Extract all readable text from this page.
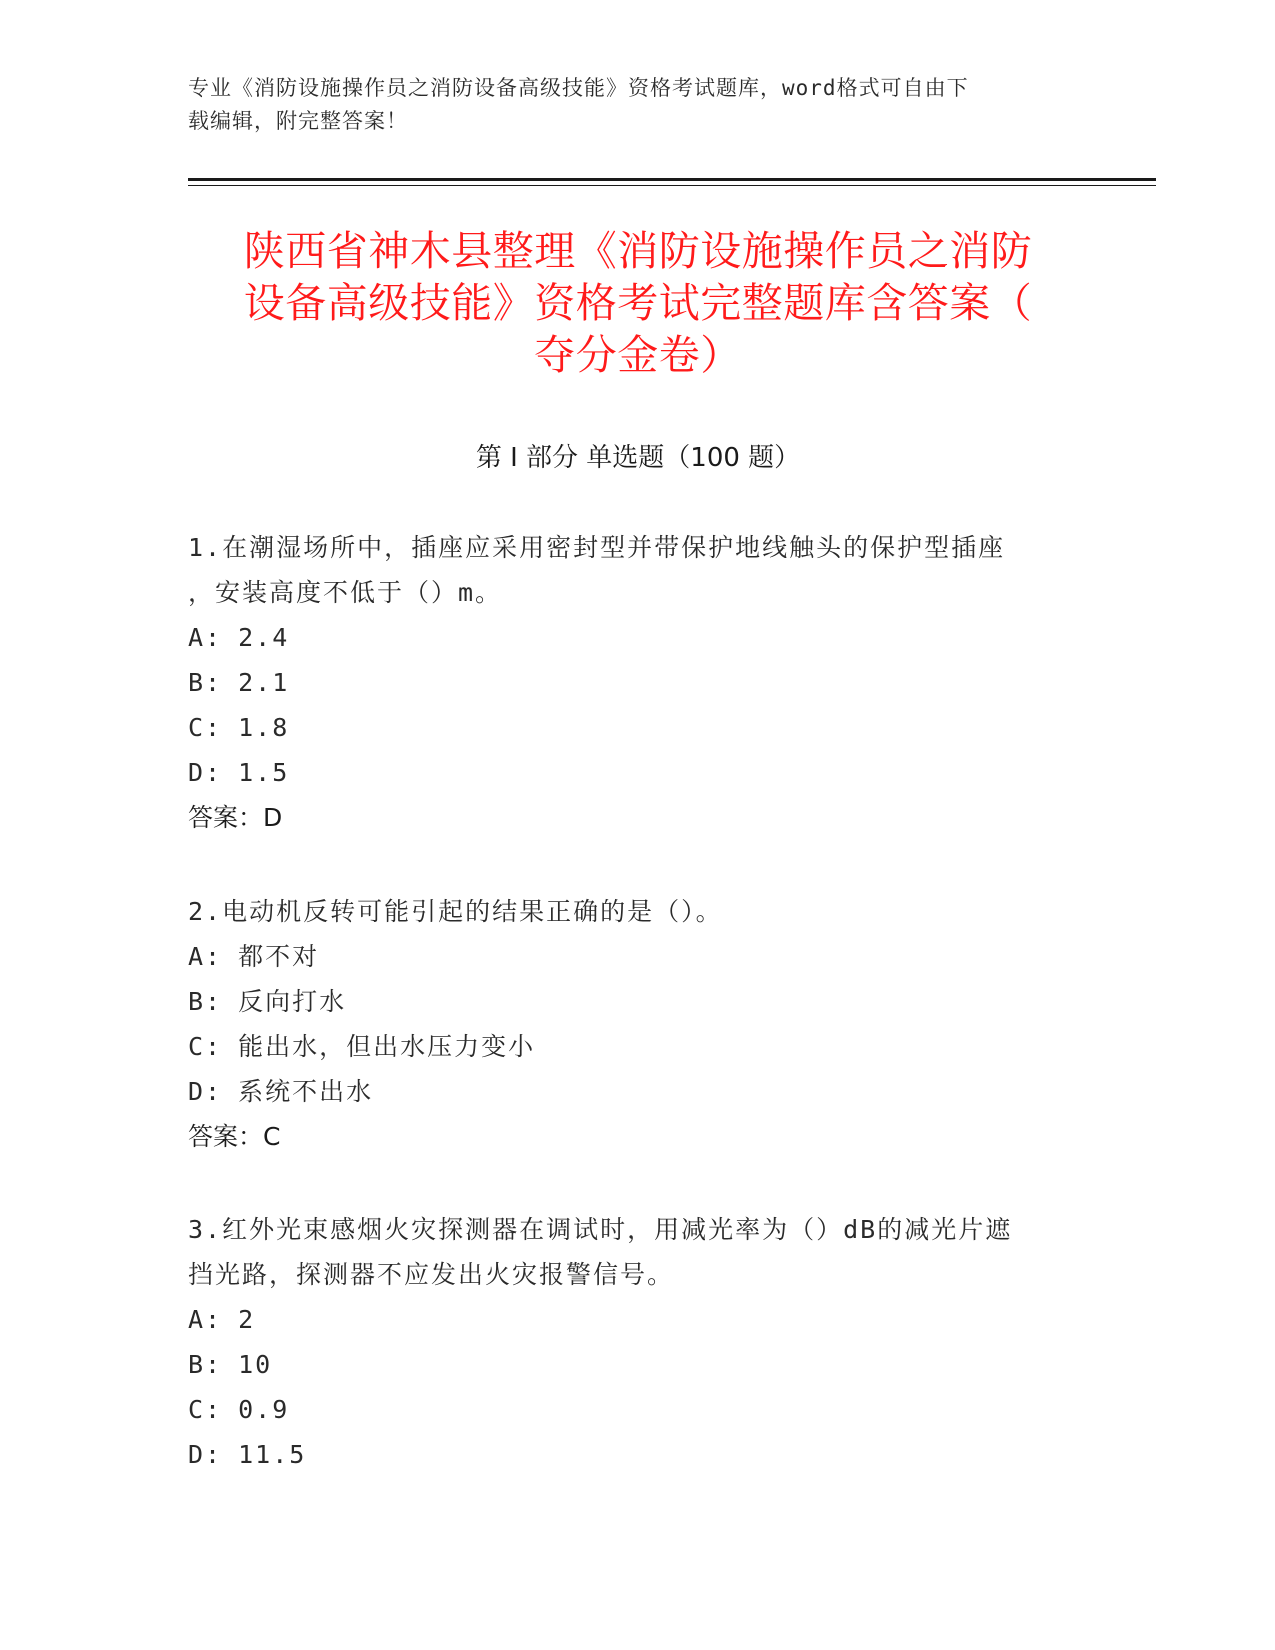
专业《消防设施操作员之消防设备高级技能》资格考试题库，word格式可自由下
载编辑，附完整答案！
陕西省神木县整理《消防设施操作员之消防
设备高级技能》资格考试完整题库含答案（
夺分金卷）
第 I 部分 单选题（100 题）
1.在潮湿场所中，插座应采用密封型并带保护地线触头的保护型插座
，安装高度不低于（）m。
A: 2.4
B: 2.1
C: 1.8
D: 1.5
答案：D
2.电动机反转可能引起的结果正确的是（）。
A: 都不对
B: 反向打水
C: 能出水，但出水压力变小
D: 系统不出水
答案：C
3.红外光束感烟火灾探测器在调试时，用减光率为（）dB的减光片遮
挡光路，探测器不应发出火灾报警信号。
A: 2
B: 10
C: 0.9
D: 11.5
